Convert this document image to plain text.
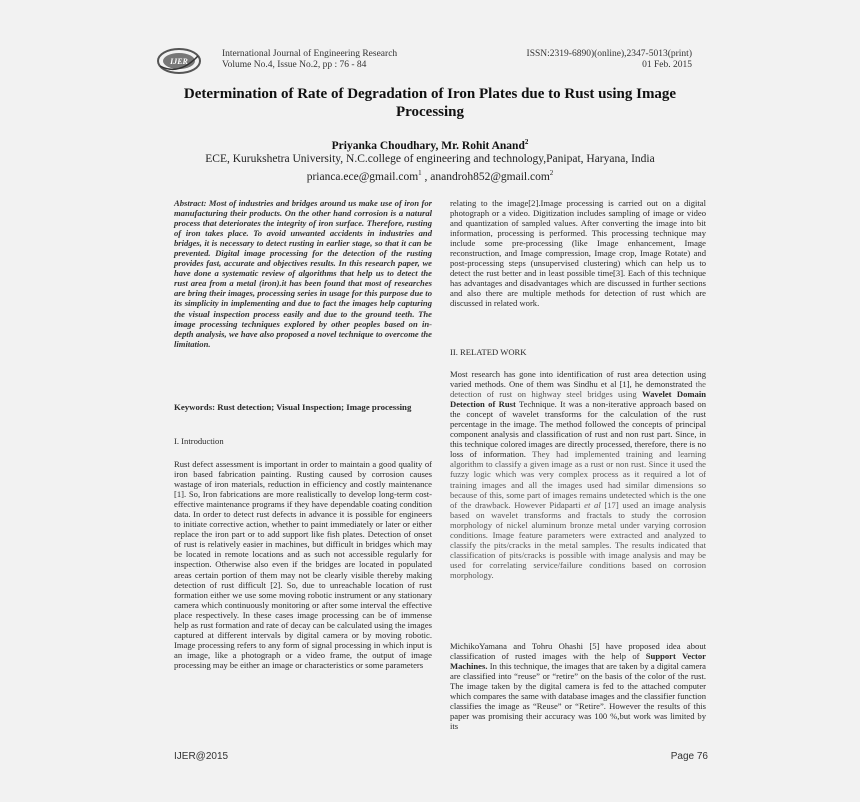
IJER
International Journal of Engineering Research
Volume No.4, Issue No.2, pp : 76 - 84
ISSN:2319-6890)(online),2347-5013(print)
01 Feb. 2015
Determination of Rate of Degradation of Iron Plates due to Rust using Image Processing
Priyanka Choudhary, Mr. Rohit Anand$^2$
ECE, Kurukshetra University, N.C.college of engineering and technology,Panipat, Haryana, India
prianca.ece@gmail.com$^1$ , anandroh852@gmail.com$^2$

Abstract: Most of industries and bridges around us make use of iron for manufacturing their products. On the other hand corrosion is a natural process that deteriorates the integrity of iron surface. Therefore, rusting of iron takes place. To avoid unwanted accidents in industries and bridges, it is necessary to detect rusting in earlier stage, so that it can be prevented. Digital image processing for the detection of the rusting provides fast, accurate and objectives results. In this research paper, we have done a systematic review of algorithms that help us to detect the rust area from a metal (iron).it has been found that most of researches are bring their images, processing series in usage for this purpose due to its simplicity in implementing and due to fact the images help capturing the visual inspection process easily and due to the ground teeth. The image processing techniques explored by other peoples based on in-depth analysis, we have also proposed a novel technique to overcome the limitation.

Keywords: Rust detection; Visual Inspection; Image processing

I. Introduction

Rust defect assessment is important in order to maintain a good quality of iron based fabrication painting. Rusting caused by corrosion causes wastage of iron materials, reduction in efficiency and costly maintenance [1]. So, Iron fabrications are more realistically to develop long-term cost-effective maintenance programs if they have dependable coating condition data. In order to detect rust defects in advance it is possible for engineers to initiate corrective action, whether to paint immediately or later or either replace the iron part or to add support like fish plates. Detection of onset of rust is relatively easier in machines, but difficult in bridges which may be located in remote locations and as such not accessible regularly for inspection. Otherwise also even if the bridges are located in populated areas certain portion of them may not be clearly visible thereby making detection of rust difficult [2]. So, due to unreachable location of rust formation either we use some moving robotic instrument or any stationary camera which continuously monitoring or after some interval the effective place respectively. In these cases image processing can be of immense help as rust formation and rate of decay can be calculated using the images captured at different intervals by digital camera or by moving robotic. Image processing refers to any form of signal processing in which input is an image, like a photograph or a video frame, the output of image processing may be either an image or characteristics or some parameters

relating to the image[2].Image processing is carried out on a digital photograph or a video. Digitization includes sampling of image or video and quantization of sampled values. After converting the image into bit information, processing is performed. This processing technique may include some pre-processing (like Image enhancement, Image reconstruction, and Image compression, Image crop, Image Rotate) and post-processing steps (unsupervised clustering) which can help us to detect the rust better and in least possible time[3]. Each of this technique has advantages and disadvantages which are discussed in further sections and also there are multiple methods for detection of rust which are discussed in related work.

II. RELATED WORK

Most research has gone into identification of rust area detection using varied methods. One of them was Sindhu et al [1], he demonstrated the detection of rust on highway steel bridges using Wavelet Domain Detection of Rust Technique. It was a non-iterative approach based on the concept of wavelet transforms for the calculation of the rust percentage in the image. The method followed the concepts of principal component analysis and classification of rust and non rust part. Since, in this technique colored images are directly processed, therefore, there is no loss of information. They had implemented training and learning algorithm to classify a given image as a rust or non rust. Since it used the fuzzy logic which was very complex process as it required a lot of training images and all the images used had similar dimensions so because of this, some part of images remains undetected which is the one of the drawback. However Pidaparti et al [17] used an image analysis based on wavelet transforms and fractals to study the corrosion morphology of nickel aluminum bronze metal under varying corrosion conditions. Image feature parameters were extracted and analyzed to classify the pits/cracks in the metal samples. The results indicated that classification of pits/cracks is possible with image analysis and may be used for correlating service/failure conditions based on corrosion morphology.

MichikoYamana and Tohru Ohashi [5] have proposed idea about classification of rusted images with the help of Support Vector Machines. In this technique, the images that are taken by a digital camera are classified into “reuse” or “retire” on the basis of the color of the rust. The image taken by the digital camera is fed to the attached computer which compares the same with database images and the classifier function classifies the image as “Reuse” or “Retire”. However the results of this paper was promising their accuracy was 100 %,but work was limited by its

IJER@2015	Page 76
